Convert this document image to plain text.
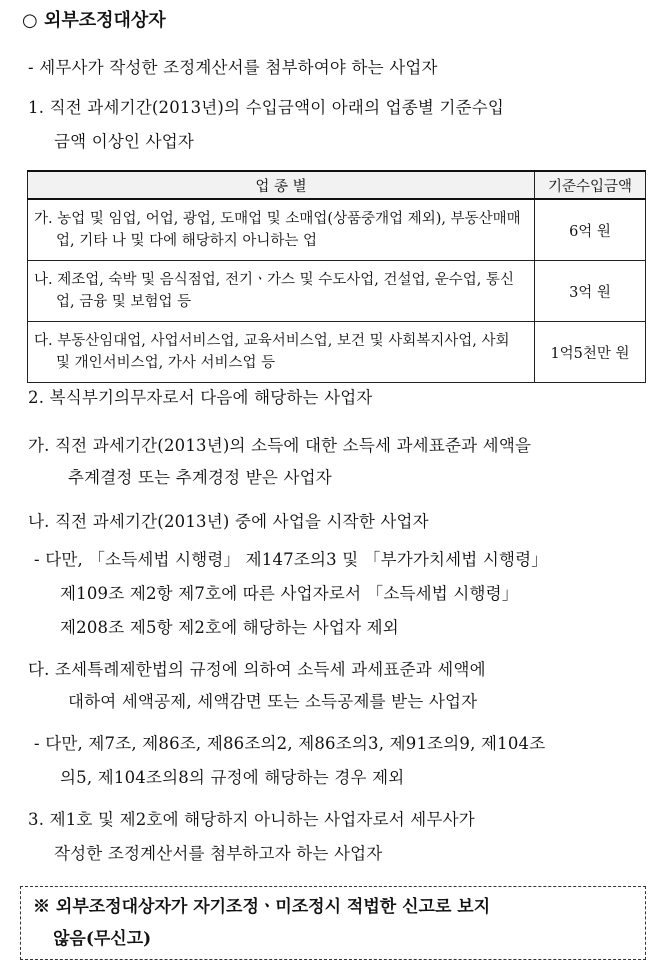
○ 외부조정대상자
- 세무사가 작성한 조정계산서를 첨부하여야 하는 사업자
1. 직전 과세기간(2013년)의 수입금액이 아래의 업종별 기준수입
금액 이상인 사업자
업 종 별	기준수입금액
가. 농업 및 임업, 어업, 광업, 도매업 및 소매업(상품중개업 제외), 부동산매매업, 기타 나 및 다에 해당하지 아니하는 업	6억 원
나. 제조업, 숙박 및 음식점업, 전기ㆍ가스 및 수도사업, 건설업, 운수업, 통신업, 금융 및 보험업 등	3억 원
다. 부동산임대업, 사업서비스업, 교육서비스업, 보건 및 사회복지사업, 사회 및 개인서비스업, 가사 서비스업 등	1억5천만 원
2. 복식부기의무자로서 다음에 해당하는 사업자
가. 직전 과세기간(2013년)의 소득에 대한 소득세 과세표준과 세액을
추계결정 또는 추계경정 받은 사업자
나. 직전 과세기간(2013년) 중에 사업을 시작한 사업자
- 다만, 「소득세법 시행령」 제147조의3 및 「부가가치세법 시행령」
제109조 제2항 제7호에 따른 사업자로서 「소득세법 시행령」
제208조 제5항 제2호에 해당하는 사업자 제외
다. 조세특례제한법의 규정에 의하여 소득세 과세표준과 세액에
대하여 세액공제, 세액감면 또는 소득공제를 받는 사업자
- 다만, 제7조, 제86조, 제86조의2, 제86조의3, 제91조의9, 제104조
의5, 제104조의8의 규정에 해당하는 경우 제외
3. 제1호 및 제2호에 해당하지 아니하는 사업자로서 세무사가
작성한 조정계산서를 첨부하고자 하는 사업자
※ 외부조정대상자가 자기조정ㆍ미조정시 적법한 신고로 보지
않음(무신고)
